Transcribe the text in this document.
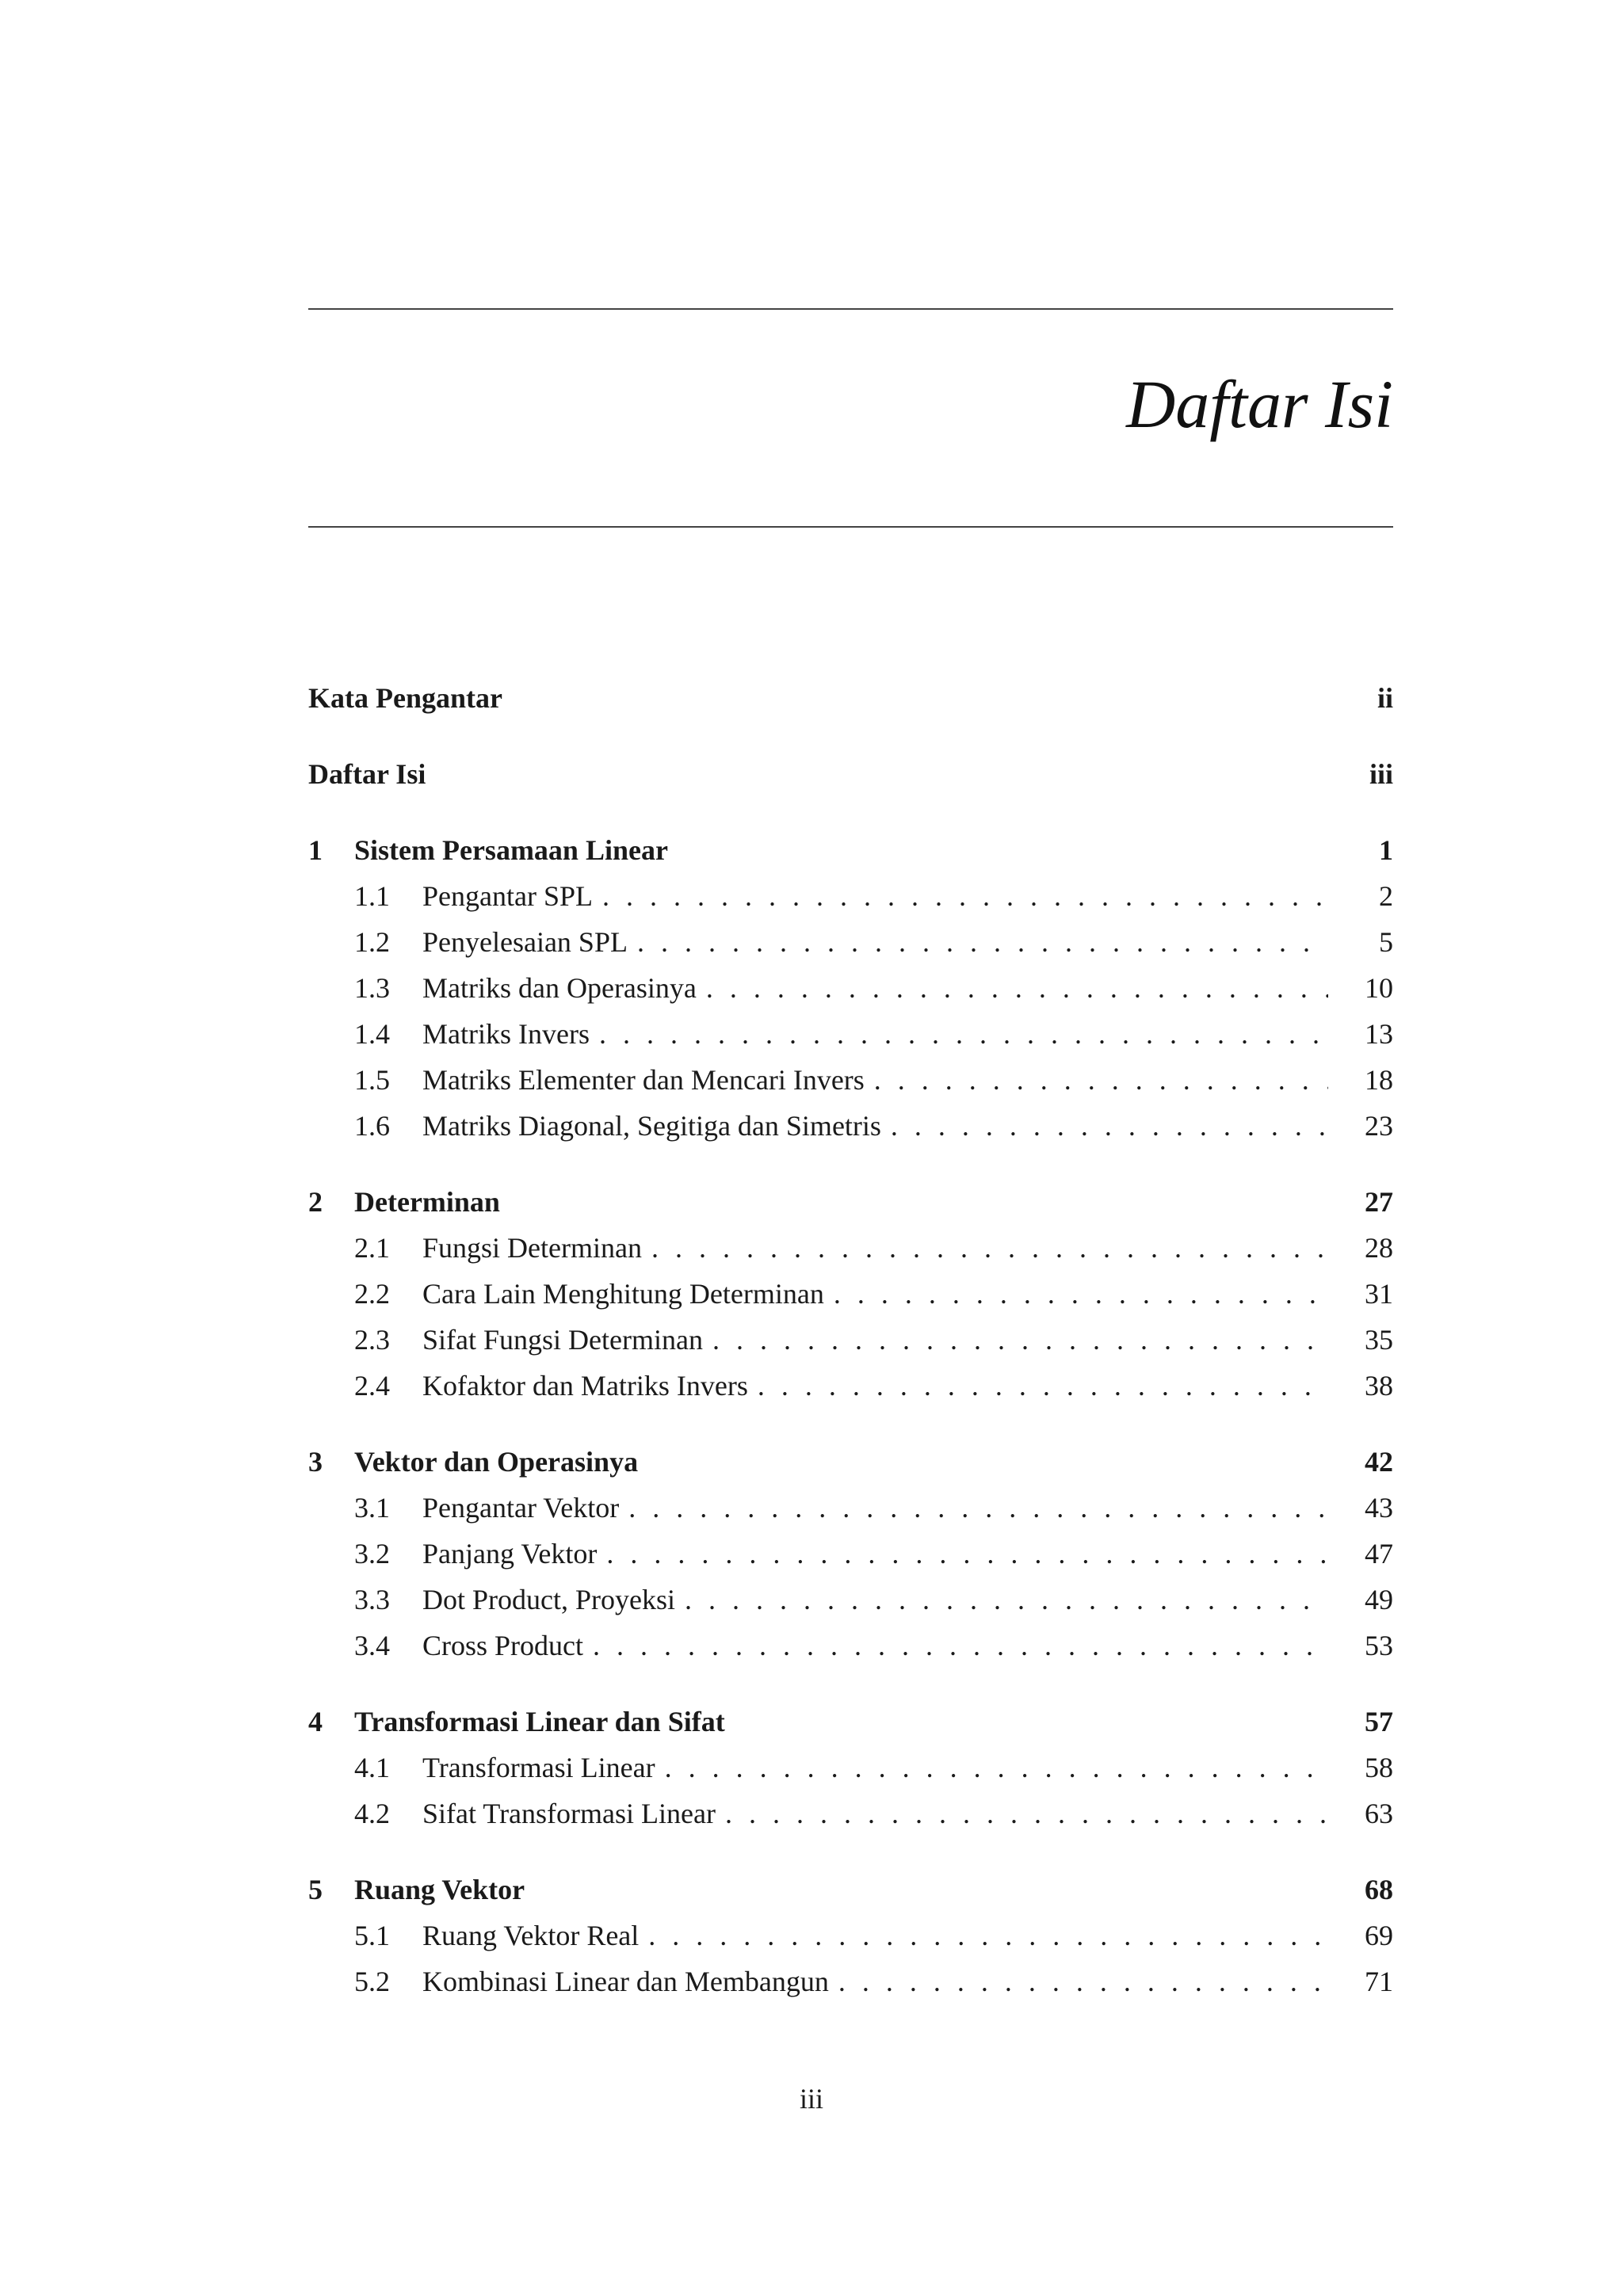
Daftar Isi
Kata Pengantar	ii
Daftar Isi	iii
1	Sistem Persamaan Linear	1
1.1	Pengantar SPL . . .	2
1.2	Penyelesaian SPL . . .	5
1.3	Matriks dan Operasinya . . .	10
1.4	Matriks Invers . . .	13
1.5	Matriks Elementer dan Mencari Invers . . .	18
1.6	Matriks Diagonal, Segitiga dan Simetris . . .	23
2	Determinan	27
2.1	Fungsi Determinan . . .	28
2.2	Cara Lain Menghitung Determinan . . .	31
2.3	Sifat Fungsi Determinan . . .	35
2.4	Kofaktor dan Matriks Invers . . .	38
3	Vektor dan Operasinya	42
3.1	Pengantar Vektor . . .	43
3.2	Panjang Vektor . . .	47
3.3	Dot Product, Proyeksi . . .	49
3.4	Cross Product . . .	53
4	Transformasi Linear dan Sifat	57
4.1	Transformasi Linear . . .	58
4.2	Sifat Transformasi Linear . . .	63
5	Ruang Vektor	68
5.1	Ruang Vektor Real . . .	69
5.2	Kombinasi Linear dan Membangun . . .	71
iii
